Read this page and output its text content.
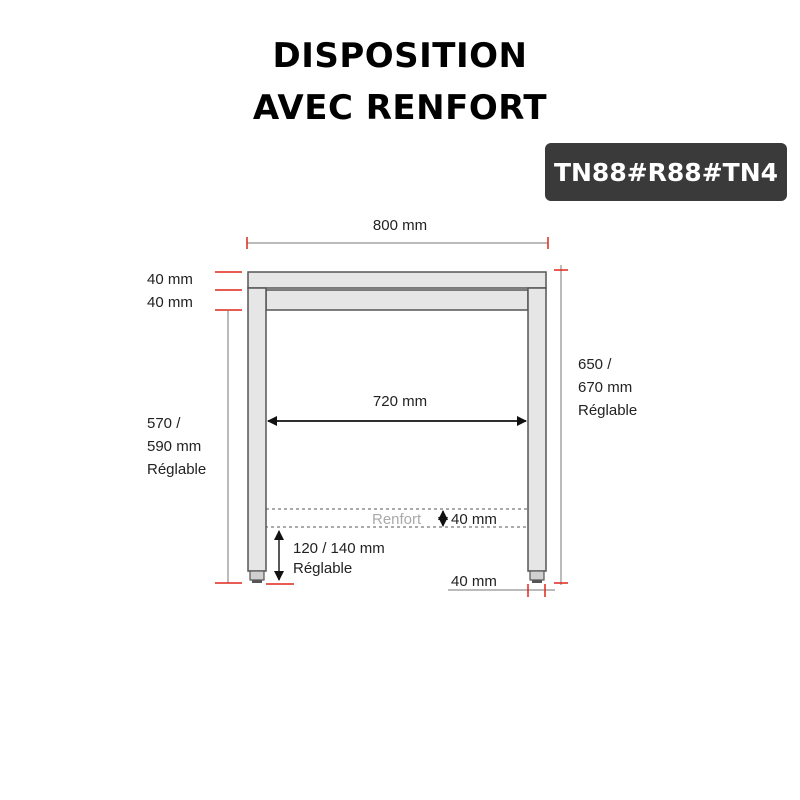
DISPOSITION
AVEC RENFORT
TN88#R88#TN4
800 mm
40 mm
40 mm
570 /
590 mm
Réglable
650 /
670 mm
Réglable
720 mm
Renfort 40 mm
120 / 140 mm
Réglable
40 mm
